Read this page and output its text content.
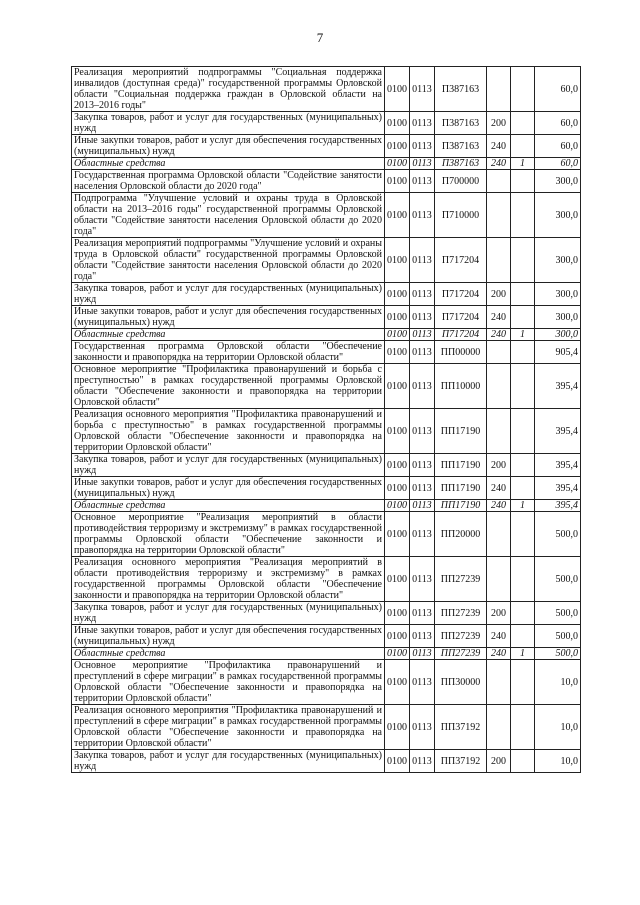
7
Реализация мероприятий подпрограммы "Социальная поддержка инвалидов (доступная среда)" государственной программы Орловской области "Социальная поддержка граждан в Орловской области на 2013–2016 годы"	0100	0113	П387163			60,0
Закупка товаров, работ и услуг для государственных (муниципальных) нужд	0100	0113	П387163	200		60,0
Иные закупки товаров, работ и услуг для обеспечения государственных (муниципальных) нужд	0100	0113	П387163	240		60,0
Областные средства	0100	0113	П387163	240	1	60,0
Государственная программа Орловской области "Содействие занятости населения Орловской области до 2020 года"	0100	0113	П700000			300,0
Подпрограмма "Улучшение условий и охраны труда в Орловской области на 2013–2016 годы" государственной программы Орловской области "Содействие занятости населения Орловской области до 2020 года"	0100	0113	П710000			300,0
Реализация мероприятий подпрограммы "Улучшение условий и охраны труда в Орловской области" государственной программы Орловской области "Содействие занятости населения Орловской области до 2020 года"	0100	0113	П717204			300,0
Закупка товаров, работ и услуг для государственных (муниципальных) нужд	0100	0113	П717204	200		300,0
Иные закупки товаров, работ и услуг для обеспечения государственных (муниципальных) нужд	0100	0113	П717204	240		300,0
Областные средства	0100	0113	П717204	240	1	300,0
Государственная программа Орловской области "Обеспечение законности и правопорядка на территории Орловской области"	0100	0113	ПП00000			905,4
Основное мероприятие "Профилактика правонарушений и борьба с преступностью" в рамках государственной программы Орловской области "Обеспечение законности и правопорядка на территории Орловской области"	0100	0113	ПП10000			395,4
Реализация основного мероприятия "Профилактика правонарушений и борьба с преступностью" в рамках государственной программы Орловской области "Обеспечение законности и правопорядка на территории Орловской области"	0100	0113	ПП17190			395,4
Закупка товаров, работ и услуг для государственных (муниципальных) нужд	0100	0113	ПП17190	200		395,4
Иные закупки товаров, работ и услуг для обеспечения государственных (муниципальных) нужд	0100	0113	ПП17190	240		395,4
Областные средства	0100	0113	ПП17190	240	1	395,4
Основное мероприятие "Реализация мероприятий в области противодействия терроризму и экстремизму" в рамках государственной программы Орловской области "Обеспечение законности и правопорядка на территории Орловской области"	0100	0113	ПП20000			500,0
Реализация основного мероприятия "Реализация мероприятий в области противодействия терроризму и экстремизму" в рамках государственной программы Орловской области "Обеспечение законности и правопорядка на территории Орловской области"	0100	0113	ПП27239			500,0
Закупка товаров, работ и услуг для государственных (муниципальных) нужд	0100	0113	ПП27239	200		500,0
Иные закупки товаров, работ и услуг для обеспечения государственных (муниципальных) нужд	0100	0113	ПП27239	240		500,0
Областные средства	0100	0113	ПП27239	240	1	500,0
Основное мероприятие "Профилактика правонарушений и преступлений в сфере миграции" в рамках государственной программы Орловской области "Обеспечение законности и правопорядка на территории Орловской области"	0100	0113	ПП30000			10,0
Реализация основного мероприятия "Профилактика правонарушений и преступлений в сфере миграции" в рамках государственной программы Орловской области "Обеспечение законности и правопорядка на территории Орловской области"	0100	0113	ПП37192			10,0
Закупка товаров, работ и услуг для государственных (муниципальных) нужд	0100	0113	ПП37192	200		10,0
